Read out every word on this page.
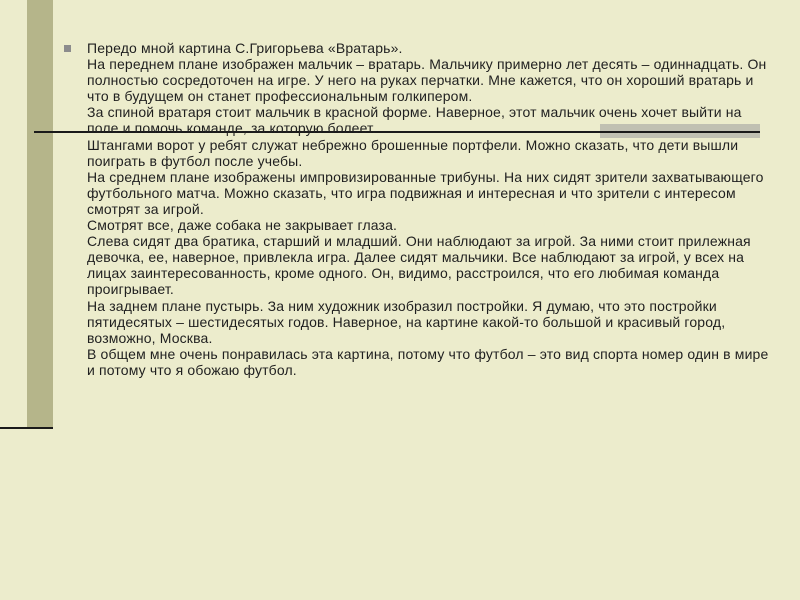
Передо мной картина С.Григорьева «Вратарь».
На переднем плане изображен мальчик – вратарь. Мальчику примерно лет десять – одиннадцать. Он полностью сосредоточен на игре. У него на руках перчатки. Мне кажется, что он хороший вратарь и что в будущем он станет профессиональным голкипером.
За спиной вратаря стоит мальчик в красной форме. Наверное, этот мальчик очень хочет выйти на поле и помочь команде, за которую болеет.
Штангами ворот у ребят служат небрежно брошенные портфели. Можно сказать, что дети вышли поиграть в футбол после учебы.
На среднем плане изображены импровизированные трибуны. На них сидят зрители захватывающего футбольного матча. Можно сказать, что игра подвижная и интересная и что зрители с интересом смотрят за игрой.
Смотрят все, даже собака не закрывает глаза.
Слева сидят два братика, старший и младший. Они наблюдают за игрой. За ними стоит прилежная девочка, ее, наверное, привлекла игра. Далее сидят мальчики. Все наблюдают за игрой, у всех на лицах заинтересованность, кроме одного. Он, видимо, расстроился, что его любимая команда проигрывает.
На заднем плане пустырь. За ним художник изобразил постройки. Я думаю, что это постройки пятидесятых – шестидесятых годов. Наверное, на картине какой-то большой и красивый город, возможно, Москва.
В общем мне очень понравилась эта картина, потому что футбол – это вид спорта номер один в мире и потому что я обожаю футбол.
